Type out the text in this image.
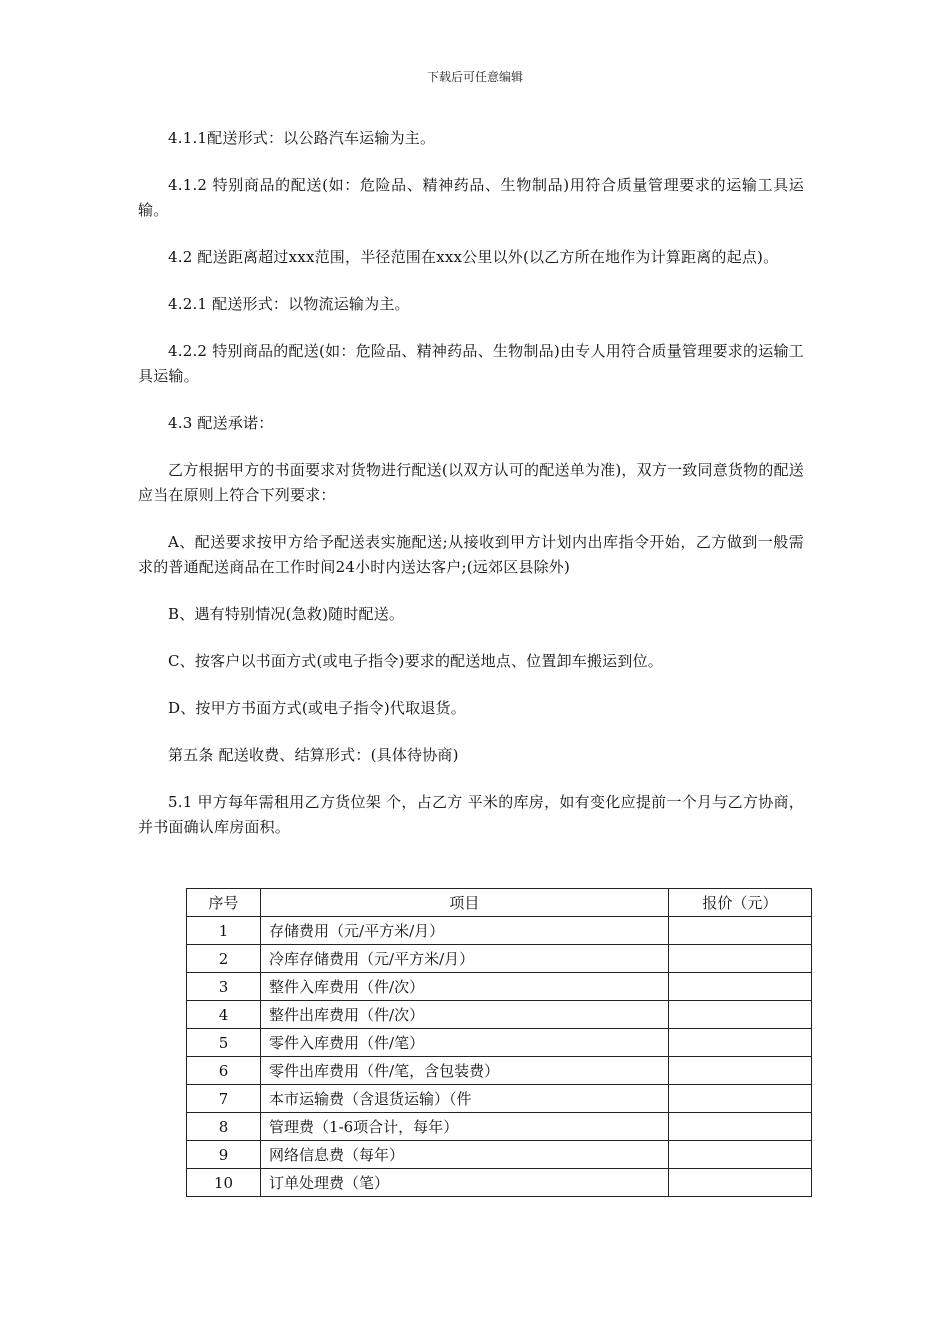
下载后可任意编辑

4.1.1配送形式：以公路汽车运输为主。

4.1.2 特别商品的配送(如：危险品、精神药品、生物制品)用符合质量管理要求的运输工具运输。

4.2 配送距离超过xxx范围，半径范围在xxx公里以外(以乙方所在地作为计算距离的起点)。

4.2.1 配送形式：以物流运输为主。

4.2.2 特别商品的配送(如：危险品、精神药品、生物制品)由专人用符合质量管理要求的运输工具运输。

4.3 配送承诺：

乙方根据甲方的书面要求对货物进行配送(以双方认可的配送单为准)，双方一致同意货物的配送应当在原则上符合下列要求：

A、配送要求按甲方给予配送表实施配送;从接收到甲方计划内出库指令开始，乙方做到一般需求的普通配送商品在工作时间24小时内送达客户;(远郊区县除外)

B、遇有特别情况(急救)随时配送。

C、按客户以书面方式(或电子指令)要求的配送地点、位置卸车搬运到位。

D、按甲方书面方式(或电子指令)代取退货。

第五条 配送收费、结算形式：(具体待协商)

5.1 甲方每年需租用乙方货位架 个，占乙方 平米的库房，如有变化应提前一个月与乙方协商，并书面确认库房面积。

序号	项目	报价（元）
1	存储费用（元/平方米/月）	
2	冷库存储费用（元/平方米/月）	
3	整件入库费用（件/次）	
4	整件出库费用（件/次）	
5	零件入库费用（件/笔）	
6	零件出库费用（件/笔，含包装费）	
7	本市运输费（含退货运输）（件	
8	管理费（1-6项合计，每年）	
9	网络信息费（每年）	
10	订单处理费（笔）	
